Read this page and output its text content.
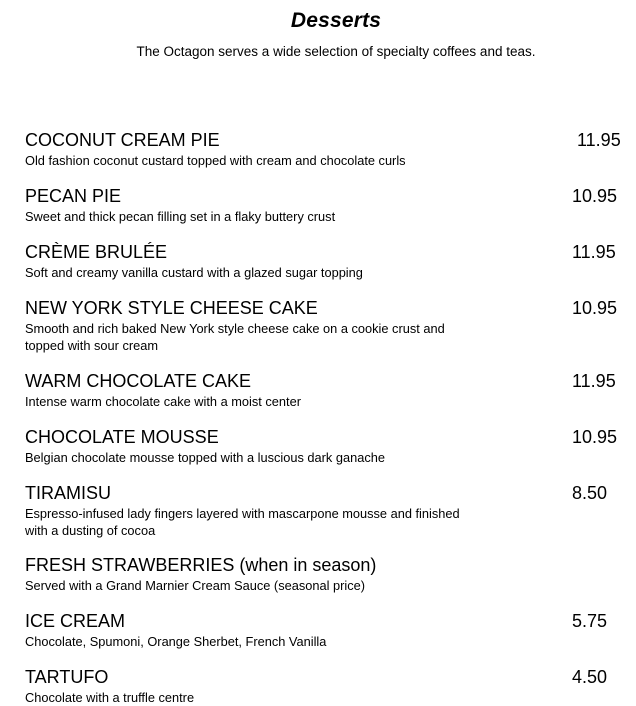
Desserts
The Octagon serves a wide selection of specialty coffees and teas.
COCONUT CREAM PIE
Old fashion coconut custard topped with cream and chocolate curls
11.95
PECAN PIE
Sweet and thick pecan filling set in a flaky buttery crust
10.95
CRÈME BRULÉE
Soft and creamy vanilla custard with a glazed sugar topping
11.95
NEW YORK STYLE CHEESE CAKE
Smooth and rich baked New York style cheese cake on a cookie crust and topped with sour cream
10.95
WARM CHOCOLATE CAKE
Intense warm chocolate cake with a moist center
11.95
CHOCOLATE MOUSSE
Belgian chocolate mousse topped with a luscious dark ganache
10.95
TIRAMISU
Espresso-infused lady fingers layered with mascarpone mousse and finished with a dusting of cocoa
8.50
FRESH STRAWBERRIES (when in season)
Served with a Grand Marnier Cream Sauce (seasonal price)
ICE CREAM
Chocolate, Spumoni, Orange Sherbet, French Vanilla
5.75
TARTUFO
Chocolate with a truffle centre
4.50
